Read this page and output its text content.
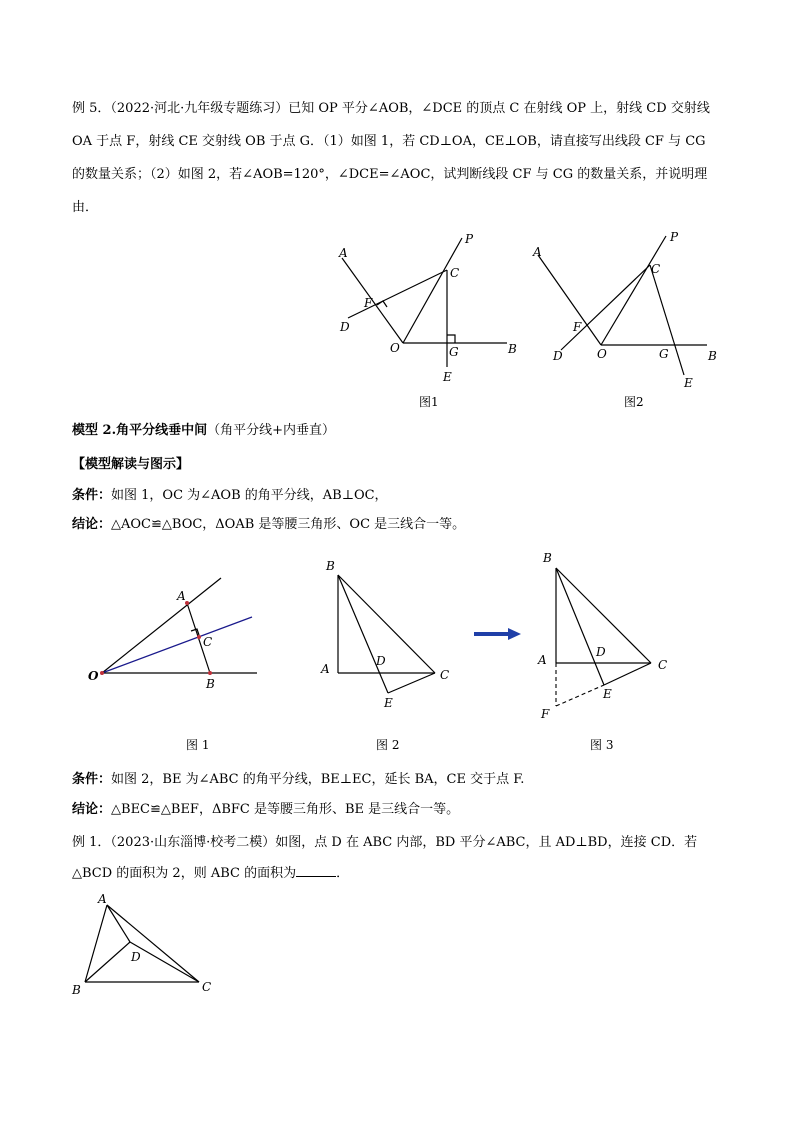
例 5．（2022·河北·九年级专题练习）已知 OP 平分∠AOB，∠DCE 的顶点 C 在射线 OP 上，射线 CD 交射线
OA 于点 F，射线 CE 交射线 OB 于点 G．（1）如图 1，若 CD⊥OA，CE⊥OB，请直接写出线段 CF 与 CG
的数量关系；（2）如图 2，若∠AOB=120°，∠DCE=∠AOC，试判断线段 CF 与 CG 的数量关系，并说明理
由．
A
P
C
F
D
O	G	B
E
图1
A
P
C
F
D	O	G	B
E
图2
模型 2.角平分线垂中间（角平分线+内垂直）
【模型解读与图示】
条件：如图 1，OC 为∠AOB 的角平分线，AB⊥OC，
结论：△AOC≌△BOC，ΔOAB 是等腰三角形、OC 是三线合一等。
A
C
O
B
图 1
B
A
D
C
E
图 2
B
A
D
C
E
F
图 3
条件：如图 2，BE 为∠ABC 的角平分线，BE⊥EC，延长 BA，CE 交于点 F.
结论：△BEC≌△BEF，ΔBFC 是等腰三角形、BE 是三线合一等。
例 1．（2023·山东淄博·校考二模）如图，点 D 在 ABC 内部，BD 平分∠ABC，且 AD⊥BD，连接 CD．若
△BCD 的面积为 2，则 ABC 的面积为	．
A
D
B	C
